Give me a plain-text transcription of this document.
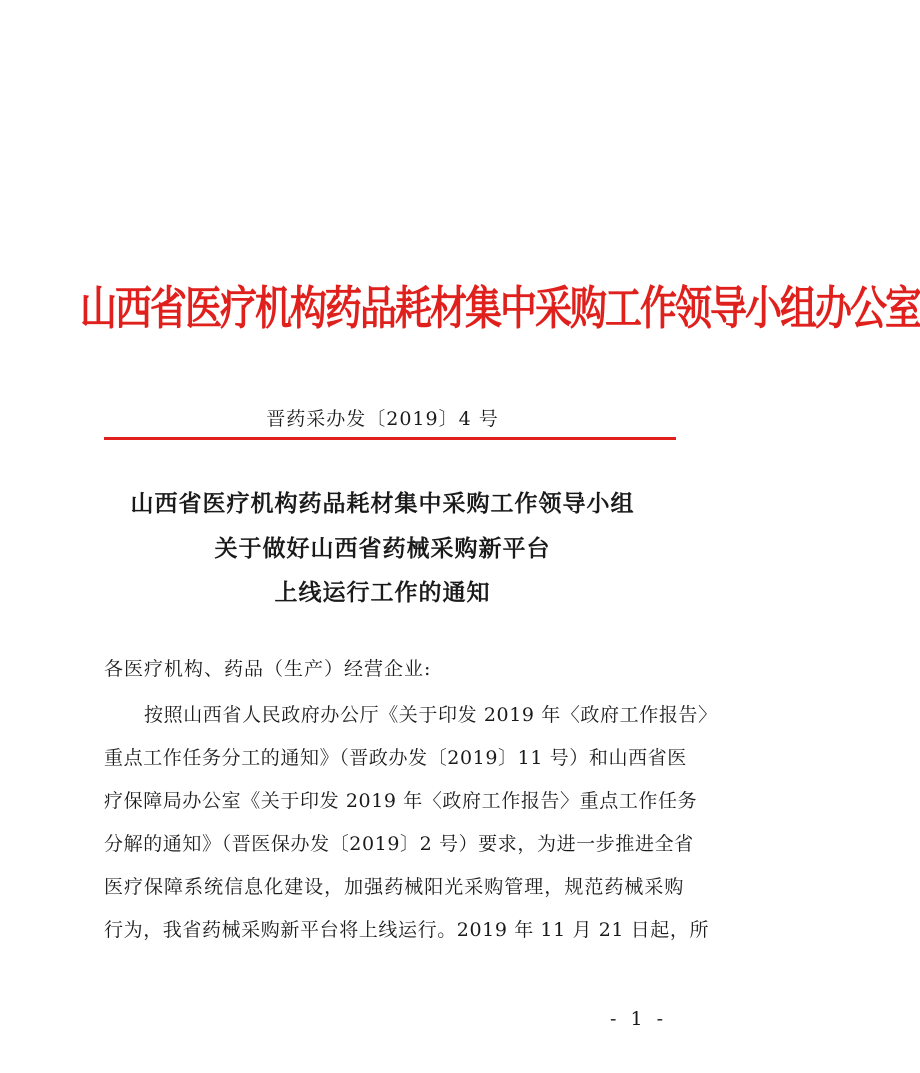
山西省医疗机构药品耗材集中采购工作领导小组办公室
晋药采办发〔2019〕4 号
山西省医疗机构药品耗材集中采购工作领导小组
关于做好山西省药械采购新平台
上线运行工作的通知
各医疗机构、药品（生产）经营企业:
按照山西省人民政府办公厅《关于印发 2019 年〈政府工作报告〉
重点工作任务分工的通知》（晋政办发〔2019〕11 号）和山西省医
疗保障局办公室《关于印发 2019 年〈政府工作报告〉重点工作任务
分解的通知》（晋医保办发〔2019〕2 号）要求，为进一步推进全省
医疗保障系统信息化建设，加强药械阳光采购管理，规范药械采购
行为，我省药械采购新平台将上线运行。2019 年 11 月 21 日起，所
- 1 -
